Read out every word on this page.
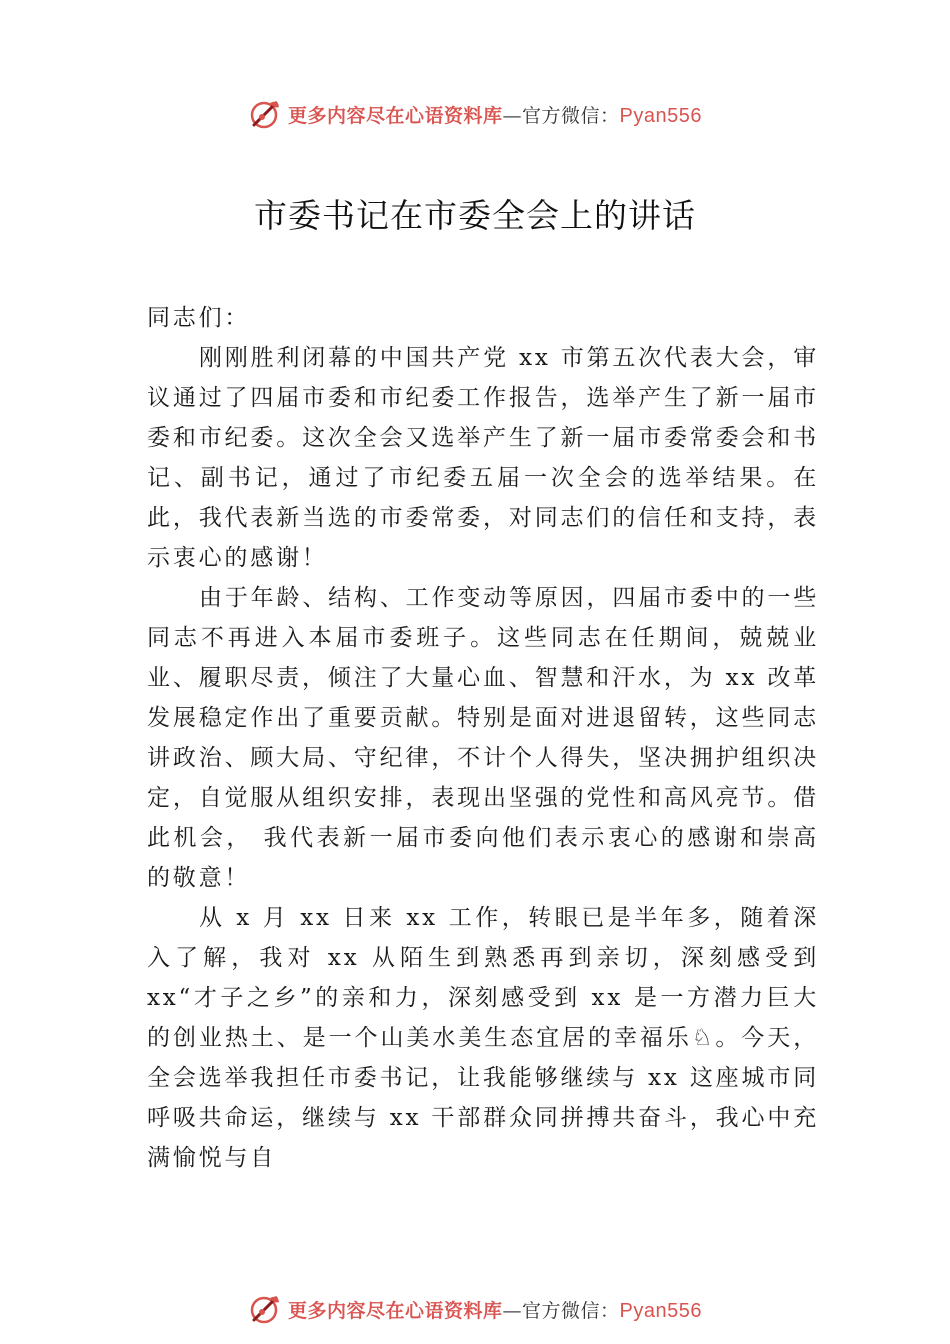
更多内容尽在心语资料库—官方微信：Pyan556
市委书记在市委全会上的讲话

同志们：

刚刚胜利闭幕的中国共产党 xx 市第五次代表大会，审议通过了四届市委和市纪委工作报告，选举产生了新一届市委和市纪委。这次全会又选举产生了新一届市委常委会和书记、副书记，通过了市纪委五届一次全会的选举结果。在此，我代表新当选的市委常委，对同志们的信任和支持，表示衷心的感谢！

由于年龄、结构、工作变动等原因，四届市委中的一些同志不再进入本届市委班子。这些同志在任期间，兢兢业业、履职尽责，倾注了大量心血、智慧和汗水，为 xx 改革发展稳定作出了重要贡献。特别是面对进退留转，这些同志讲政治、顾大局、守纪律，不计个人得失，坚决拥护组织决定，自觉服从组织安排，表现出坚强的党性和高风亮节。借此机会， 我代表新一届市委向他们表示衷心的感谢和崇高的敬意！

从 x 月 xx 日来 xx 工作，转眼已是半年多，随着深入了解，我对 xx 从陌生到熟悉再到亲切，深刻感受到 xx“才子之乡”的亲和力，深刻感受到 xx 是一方潜力巨大的创业热土、是一个山美水美生态宜居的幸福乐♘。今天，全会选举我担任市委书记，让我能够继续与 xx 这座城市同呼吸共命运，继续与 xx 干部群众同拼搏共奋斗，我心中充满愉悦与自

更多内容尽在心语资料库—官方微信：Pyan556
